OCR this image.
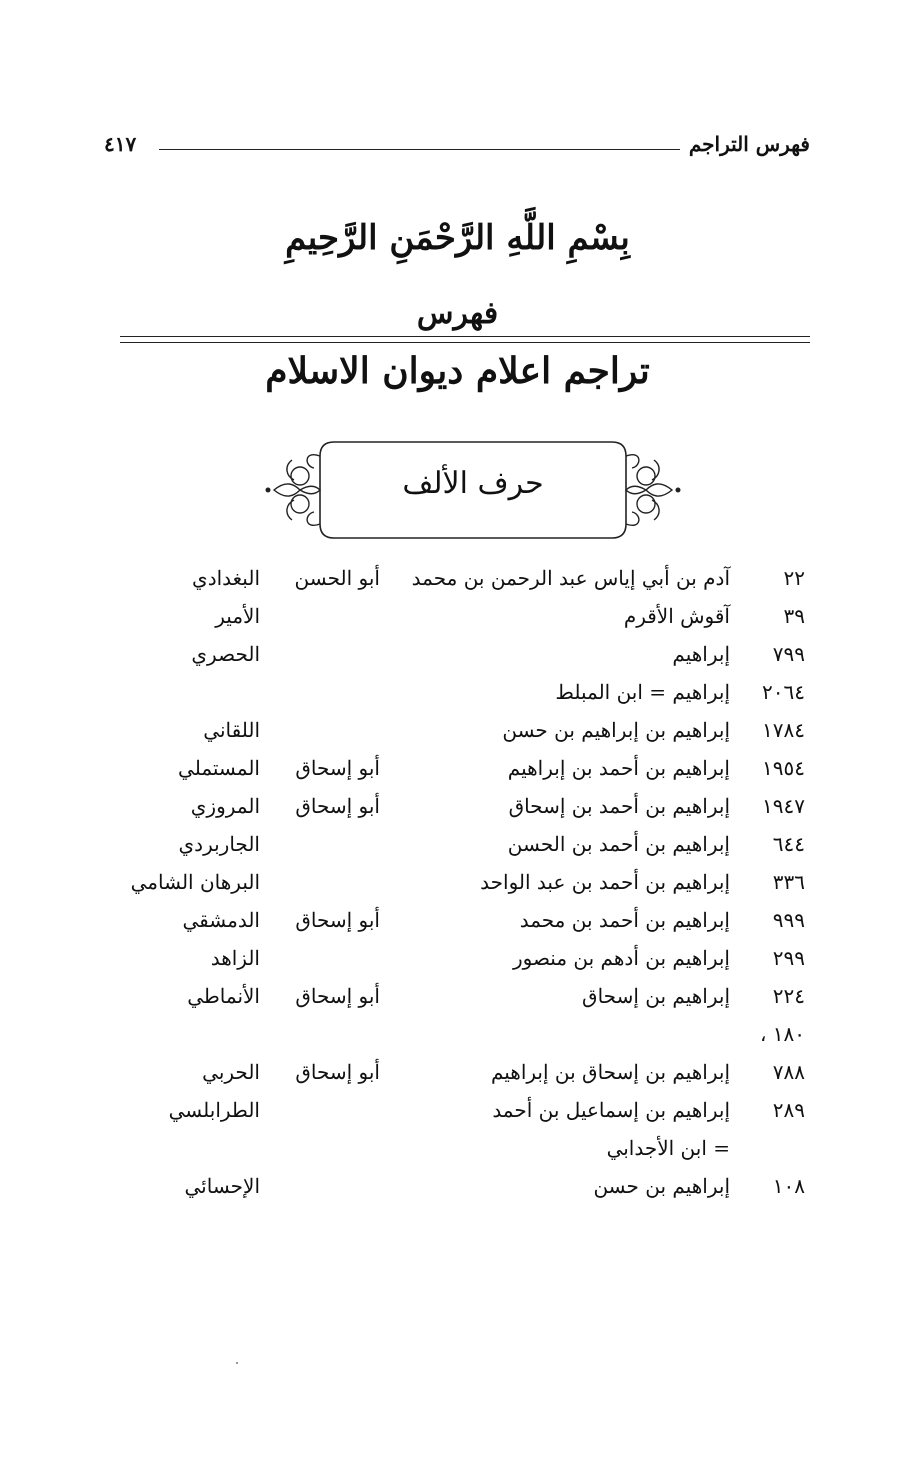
فهرس التراجم
٤١٧
بِسْمِ اللَّهِ الرَّحْمَنِ الرَّحِيمِ
فهرس
تراجم اعلام ديوان الاسلام
حرف الألف
٢٢
آدم بن أبي إياس عبد الرحمن بن محمد
أبو الحسن
البغدادي
٣٩
آقوش الأقرم
الأمير
٧٩٩
إبراهيم
الحصري
٢٠٦٤
إبراهيم = ابن المبلط
١٧٨٤
إبراهيم بن إبراهيم بن حسن
اللقاني
١٩٥٤
إبراهيم بن أحمد بن إبراهيم
أبو إسحاق
المستملي
١٩٤٧
إبراهيم بن أحمد بن إسحاق
أبو إسحاق
المروزي
٦٤٤
إبراهيم بن أحمد بن الحسن
الجاربردي
٣٣٦
إبراهيم بن أحمد بن عبد الواحد
البرهان الشامي
٩٩٩
إبراهيم بن أحمد بن محمد
أبو إسحاق
الدمشقي
٢٩٩
إبراهيم بن أدهم بن منصور
الزاهد
٢٢٤
إبراهيم بن إسحاق
أبو إسحاق
الأنماطي
١٨٠ ،
٧٨٨
إبراهيم بن إسحاق بن إبراهيم
أبو إسحاق
الحربي
٢٨٩
إبراهيم بن إسماعيل بن أحمد
الطرابلسي
= ابن الأجدابي
١٠٨
إبراهيم بن حسن
الإحسائي
